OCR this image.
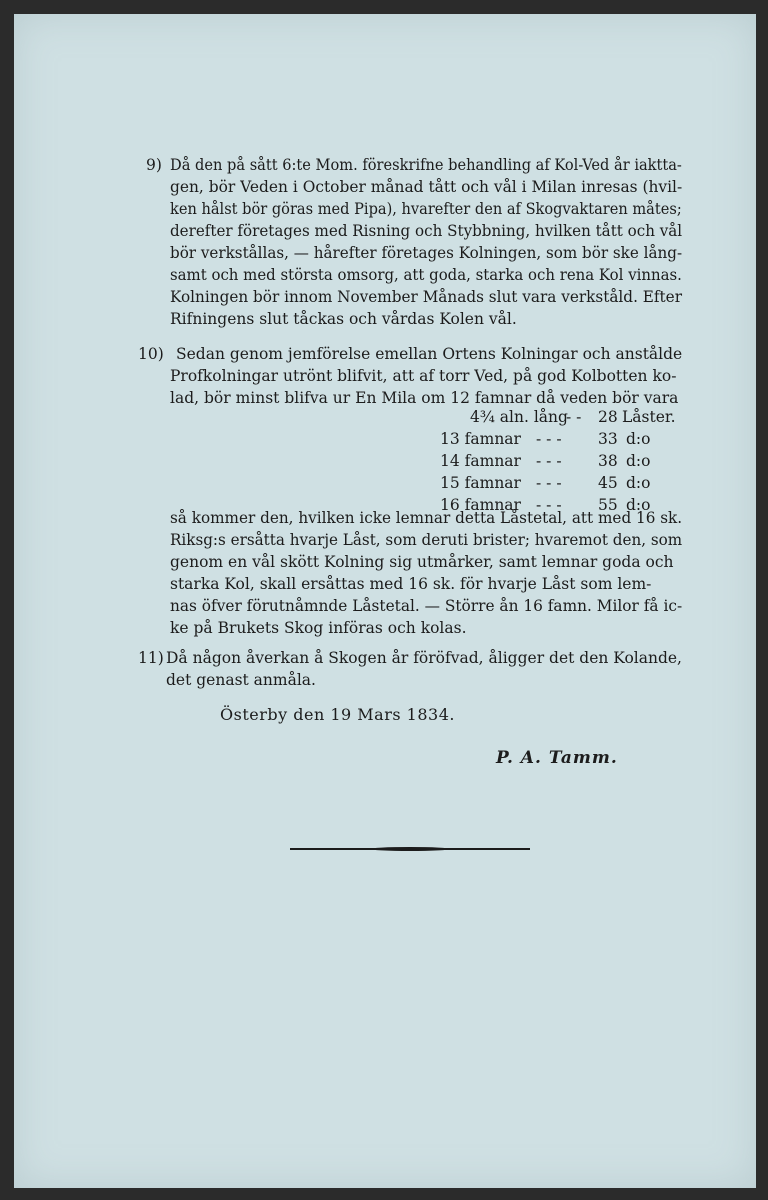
9) Då den på sått 6:te Mom. föreskrifne behandling af Kol-Ved år iakttа-
gen, bör Veden i October månad tått och vål i Milan inresas (hvil-
ken hålst bör göras med Pipa), hvarefter den af Skogvaktaren måtes;
derefter företages med Risning och Stybbning, hvilken tått och vål
bör verkstållas, — hårefter företages Kolningen, som bör ske lång-
samt och med största omsorg, att goda, starka och rena Kol vinnas.
Kolningen bör innom November Månads slut vara verkståld. Efter
Rifningens slut tåckas och vårdas Kolen vål.
10) Sedan genom jemförelse emellan Ortens Kolningar och anstålde
Profkolningar utrönt blifvit, att af torr Ved, på god Kolbotten ko-
lad, bör minst blifva ur En Mila om 12 famnar då veden bör vara
4¾ aln. lång
- - 28 Låster.
13 famnar - - - 33 d:o
14 famnar - - - 38 d:o
15 famnar - - - 45 d:o
16 famnar - - - 55 d:o
så kommer den, hvilken icke lemnar detta Låstetal, att med 16 sk.
Riksg:s ersåtta hvarje Låst, som deruti brister; hvaremot den, som
genom en vål skött Kolning sig utmårker, samt lemnar goda och
starka Kol, skall ersåttas med 16 sk. för hvarje Låst som lem-
nas öfver förutnåmnde Låstetal. — Större ån 16 famn. Milor få ic-
ke på Brukets Skog införas och kolas.
11) Då någon åverkan å Skogen år föröfvad, åligger det den Kolande,
det genast anmåla.
Österby den 19 Mars 1834.
P. A. Tamm.
